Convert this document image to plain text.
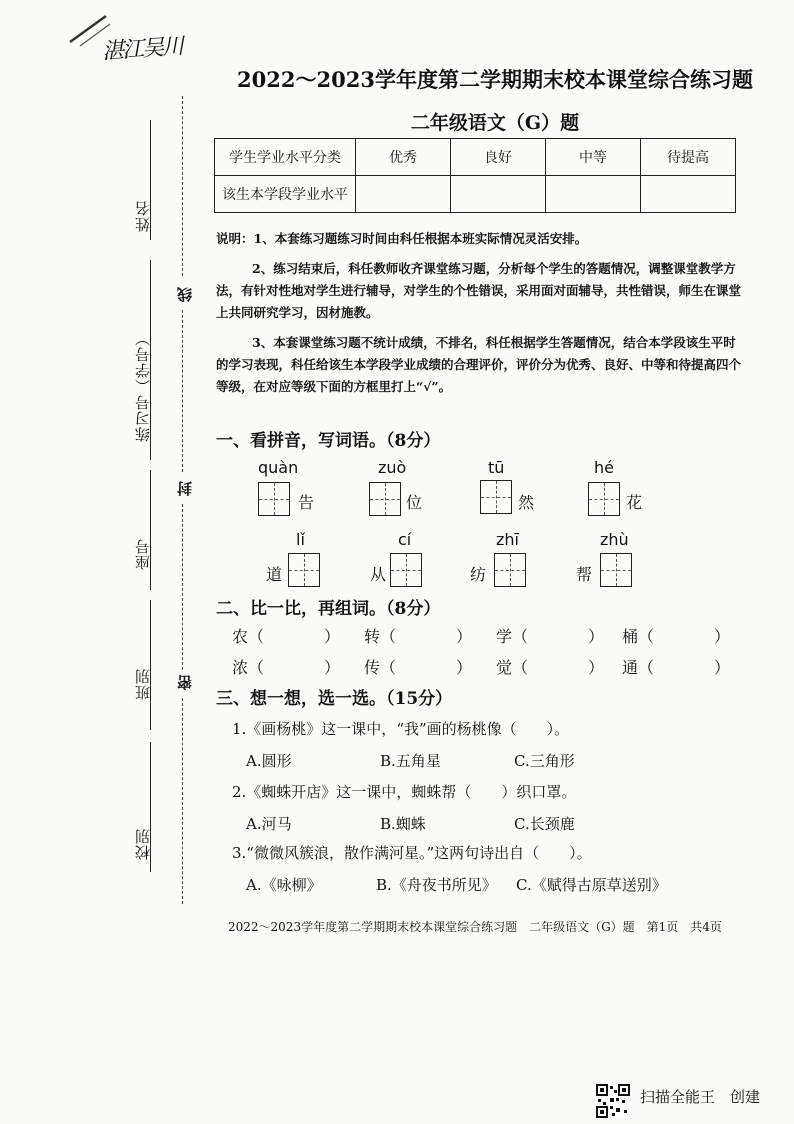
湛江吴川
姓名
练习号（学号）
座号
班别
校别
线
封
密
2022～2023学年度第二学期期末校本课堂综合练习题
二年级语文（G）题
学生学业水平分类	优秀	良好	中等	待提高
该生本学段学业水平				
说明：1、本套练习题练习时间由科任根据本班实际情况灵活安排。
2、练习结束后，科任教师收齐课堂练习题，分析每个学生的答题情况，调整课堂教学方
法，有针对性地对学生进行辅导，对学生的个性错误，采用面对面辅导，共性错误，师生在课堂
上共同研究学习，因材施教。
3、本套课堂练习题不统计成绩，不排名，科任根据学生答题情况，结合本学段该生平时
的学习表现，科任给该生本学段学业成绩的合理评价，评价分为优秀、良好、中等和待提高四个
等级，在对应等级下面的方框里打上“√”。
一、看拼音，写词语。（8分）
quàn
告
zuò
位
tū
然
hé
花
lǐ
道
cí
从
zhī
纺
zhù
帮
二、比一比，再组词。（8分）
农（	） 转（	） 学（	） 桶（	）
浓（	） 传（	） 觉（	） 通（	）
三、想一想，选一选。（15分）
1.《画杨桃》这一课中，“我”画的杨桃像（　　）。
A.圆形	B.五角星	C.三角形
2.《蜘蛛开店》这一课中，蜘蛛帮（　　）织口罩。
A.河马	B.蜘蛛	C.长颈鹿
3.“微微风簇浪，散作满河星。”这两句诗出自（　　）。
A.《咏柳》	B.《舟夜书所见》 C.《赋得古原草送别》
2022～2023学年度第二学期期末校本课堂综合练习题　二年级语文（G）题　第1页　共4页
扫描全能王　创建
